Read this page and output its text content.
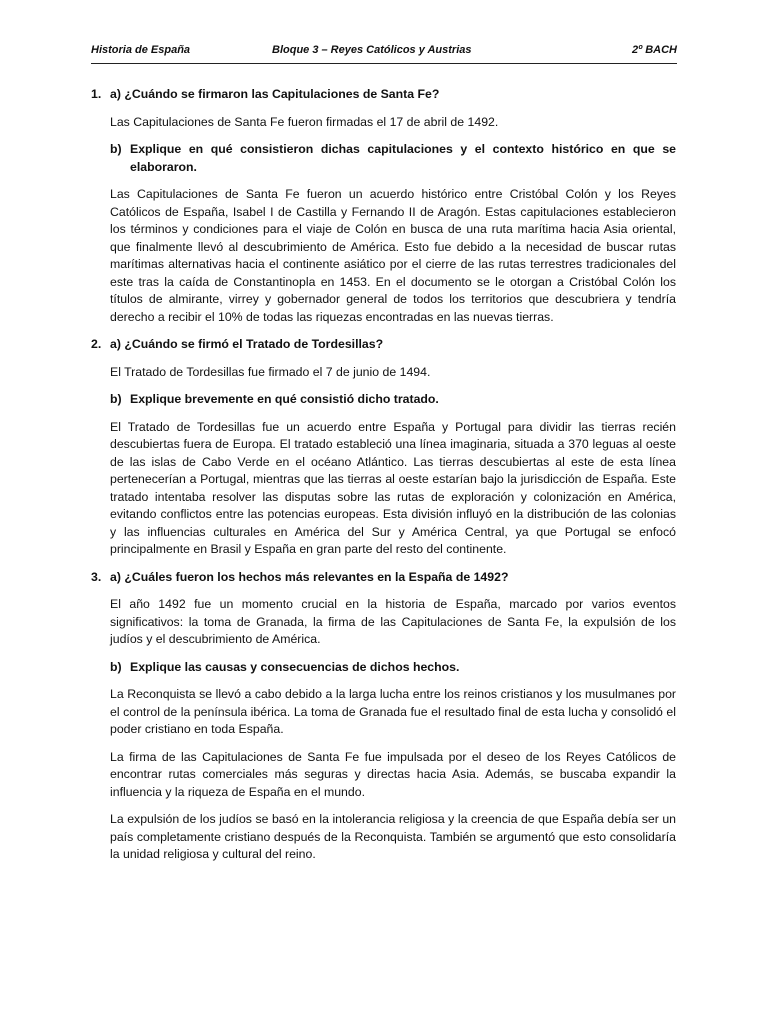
Historia de España	Bloque 3 – Reyes Católicos y Austrias	2º BACH
1. a) ¿Cuándo se firmaron las Capitulaciones de Santa Fe?
Las Capitulaciones de Santa Fe fueron firmadas el 17 de abril de 1492.
b) Explique en qué consistieron dichas capitulaciones y el contexto histórico en que se elaboraron.
Las Capitulaciones de Santa Fe fueron un acuerdo histórico entre Cristóbal Colón y los Reyes Católicos de España, Isabel I de Castilla y Fernando II de Aragón. Estas capitulaciones establecieron los términos y condiciones para el viaje de Colón en busca de una ruta marítima hacia Asia oriental, que finalmente llevó al descubrimiento de América. Esto fue debido a la necesidad de buscar rutas marítimas alternativas hacia el continente asiático por el cierre de las rutas terrestres tradicionales del este tras la caída de Constantinopla en 1453. En el documento se le otorgan a Cristóbal Colón los títulos de almirante, virrey y gobernador general de todos los territorios que descubriera y tendría derecho a recibir el 10% de todas las riquezas encontradas en las nuevas tierras.
2. a) ¿Cuándo se firmó el Tratado de Tordesillas?
El Tratado de Tordesillas fue firmado el 7 de junio de 1494.
b) Explique brevemente en qué consistió dicho tratado.
El Tratado de Tordesillas fue un acuerdo entre España y Portugal para dividir las tierras recién descubiertas fuera de Europa. El tratado estableció una línea imaginaria, situada a 370 leguas al oeste de las islas de Cabo Verde en el océano Atlántico. Las tierras descubiertas al este de esta línea pertenecerían a Portugal, mientras que las tierras al oeste estarían bajo la jurisdicción de España. Este tratado intentaba resolver las disputas sobre las rutas de exploración y colonización en América, evitando conflictos entre las potencias europeas. Esta división influyó en la distribución de las colonias y las influencias culturales en América del Sur y América Central, ya que Portugal se enfocó principalmente en Brasil y España en gran parte del resto del continente.
3. a) ¿Cuáles fueron los hechos más relevantes en la España de 1492?
El año 1492 fue un momento crucial en la historia de España, marcado por varios eventos significativos: la toma de Granada, la firma de las Capitulaciones de Santa Fe, la expulsión de los judíos y el descubrimiento de América.
b) Explique las causas y consecuencias de dichos hechos.
La Reconquista se llevó a cabo debido a la larga lucha entre los reinos cristianos y los musulmanes por el control de la península ibérica. La toma de Granada fue el resultado final de esta lucha y consolidó el poder cristiano en toda España.
La firma de las Capitulaciones de Santa Fe fue impulsada por el deseo de los Reyes Católicos de encontrar rutas comerciales más seguras y directas hacia Asia. Además, se buscaba expandir la influencia y la riqueza de España en el mundo.
La expulsión de los judíos se basó en la intolerancia religiosa y la creencia de que España debía ser un país completamente cristiano después de la Reconquista. También se argumentó que esto consolidaría la unidad religiosa y cultural del reino.
